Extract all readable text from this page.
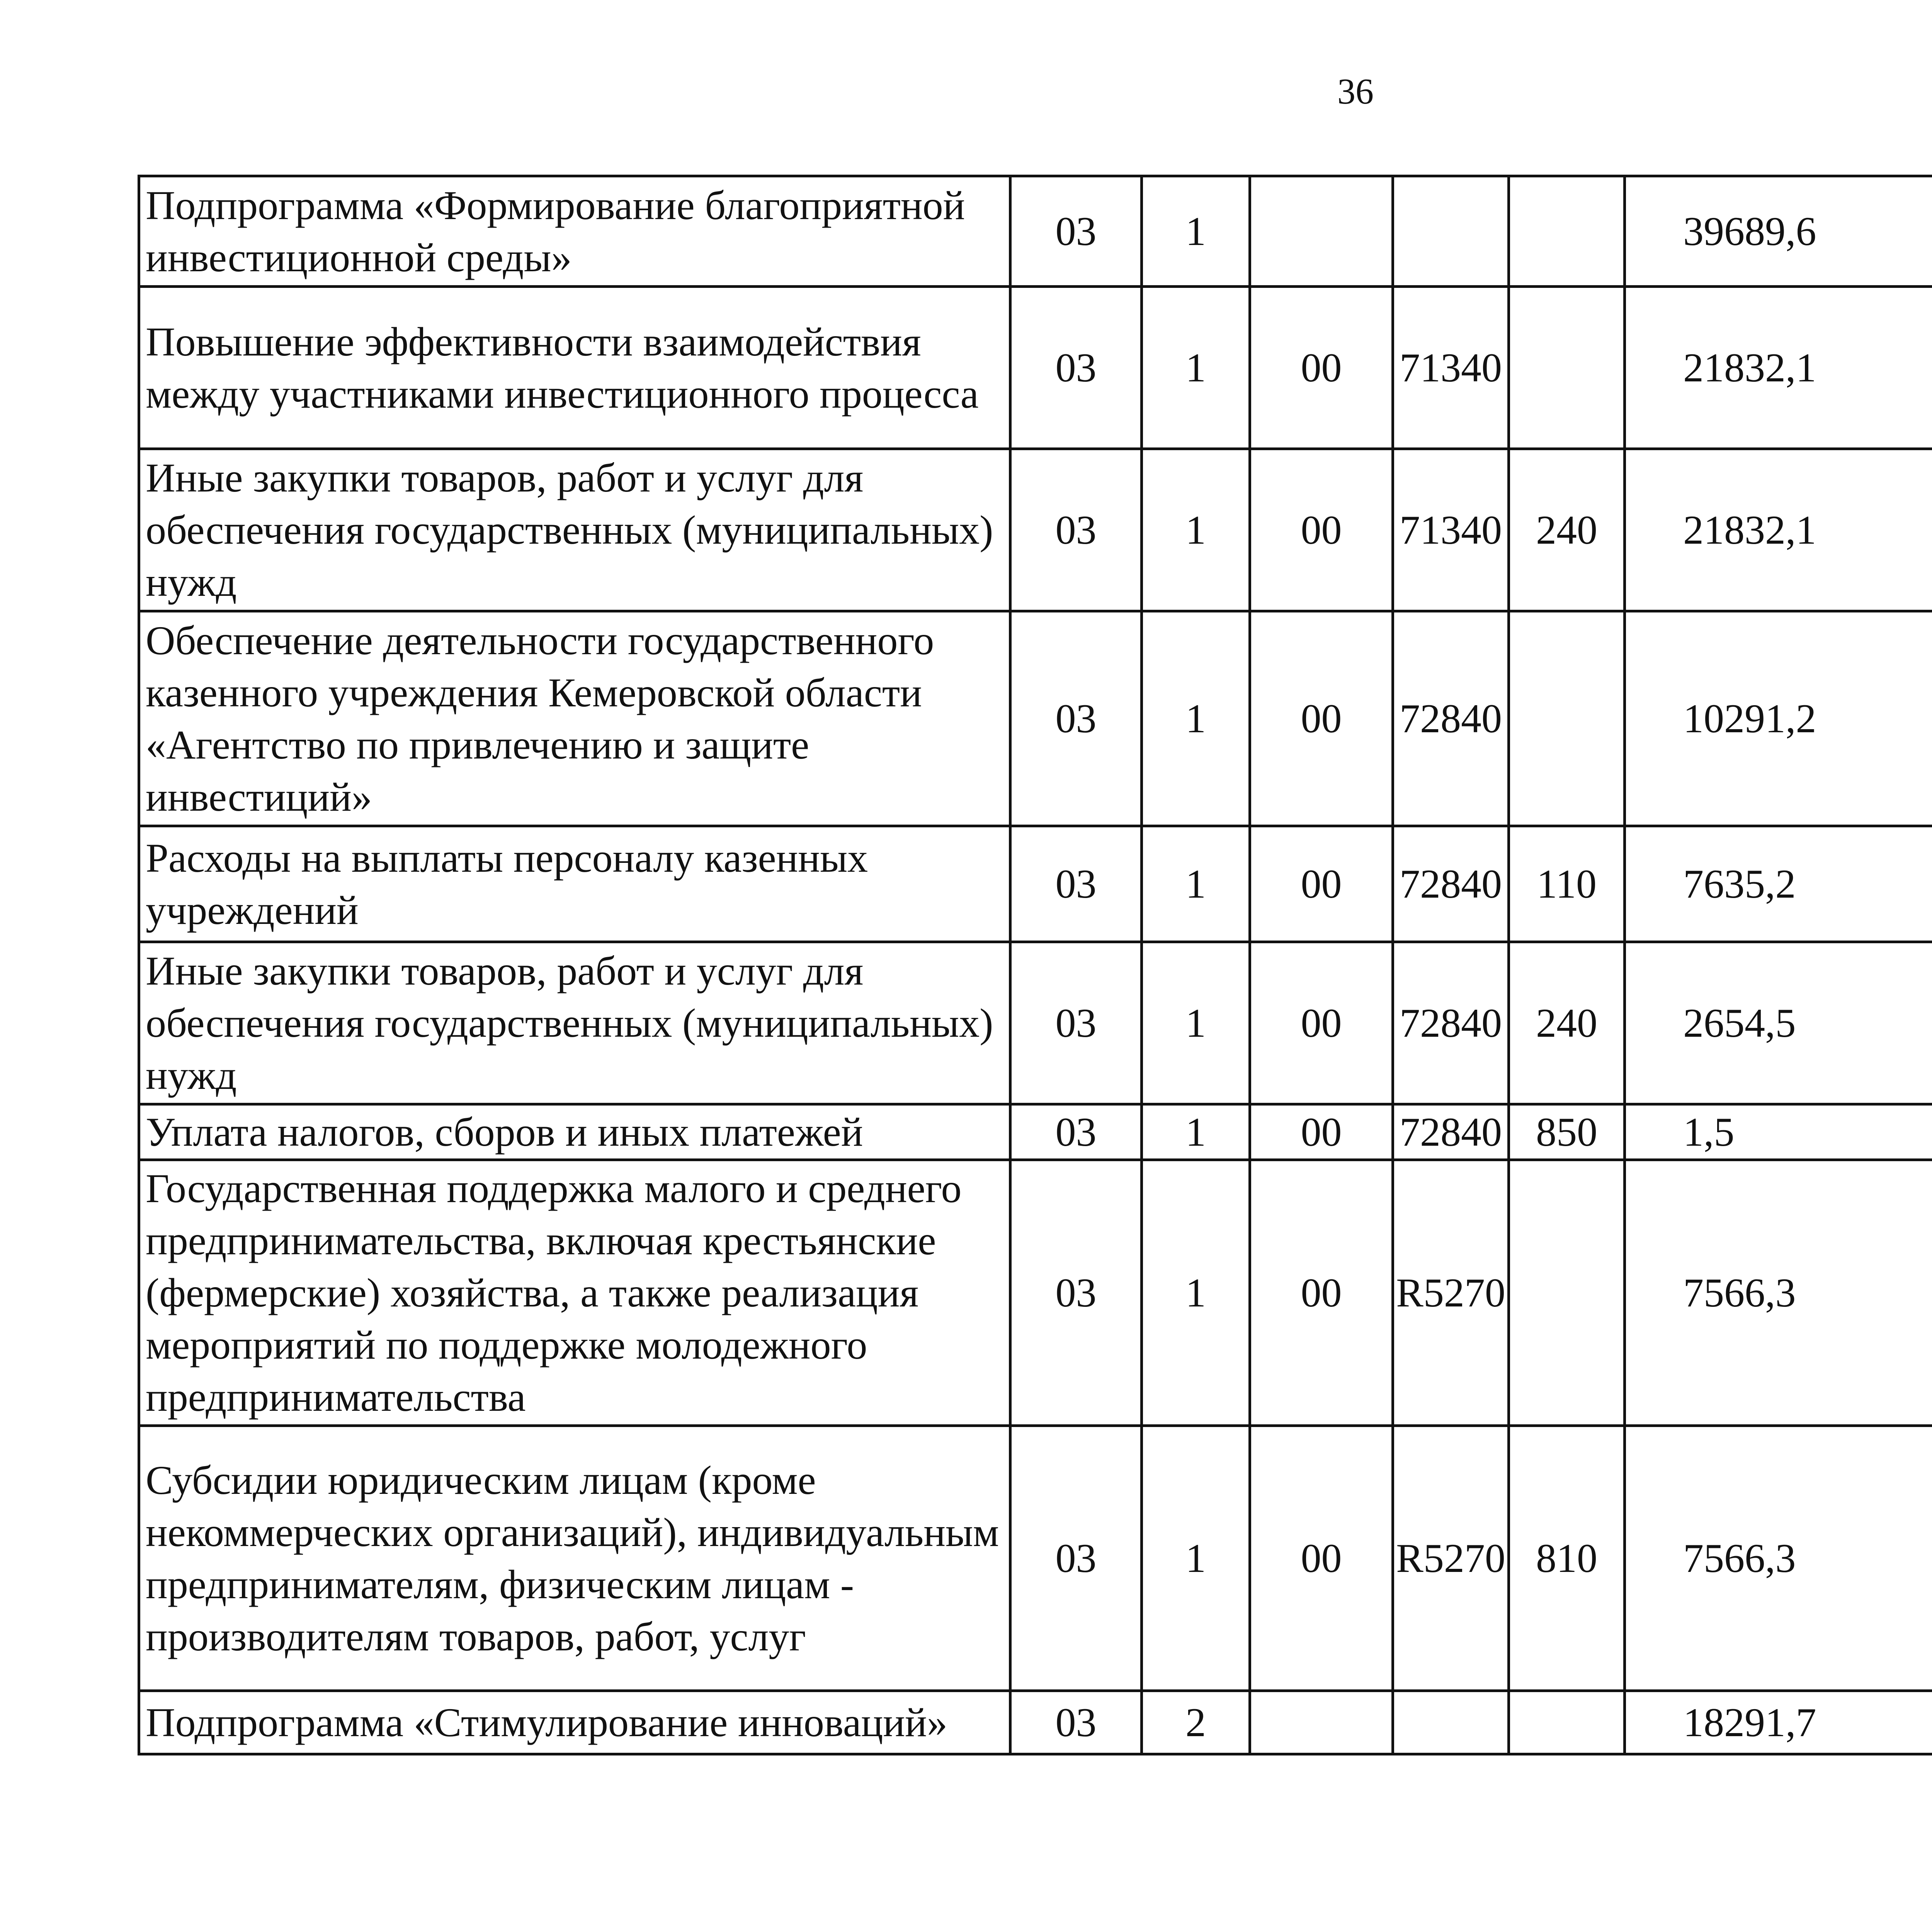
36
Подпрограмма «Формирование благоприятной инвестиционной среды»	03	1				39689,6		
Повышение эффективности взаимодействия между участниками инвестиционного процесса	03	1	00	71340		21832,1		
Иные закупки товаров, работ и услуг для обеспечения государственных (муниципальных) нужд	03	1	00	71340	240	21832,1		
Обеспечение деятельности государственного казенного учреждения Кемеровской области «Агентство по привлечению и защите инвестиций»	03	1	00	72840		10291,2		
Расходы на выплаты персоналу казенных учреждений	03	1	00	72840	110	7635,2		
Иные закупки товаров, работ и услуг для обеспечения государственных (муниципальных) нужд	03	1	00	72840	240	2654,5		
Уплата налогов, сборов и иных платежей	03	1	00	72840	850	1,5		
Государственная поддержка малого и среднего предпринимательства, включая крестьянские (фермерские) хозяйства, а также реализация мероприятий по поддержке молодежного предпринимательства	03	1	00	R5270		7566,3		
Субсидии юридическим лицам (кроме некоммерческих организаций), индивидуальным предпринимателям, физическим лицам - производителям товаров, работ, услуг	03	1	00	R5270	810	7566,3		
Подпрограмма «Стимулирование инноваций»	03	2				18291,7		
